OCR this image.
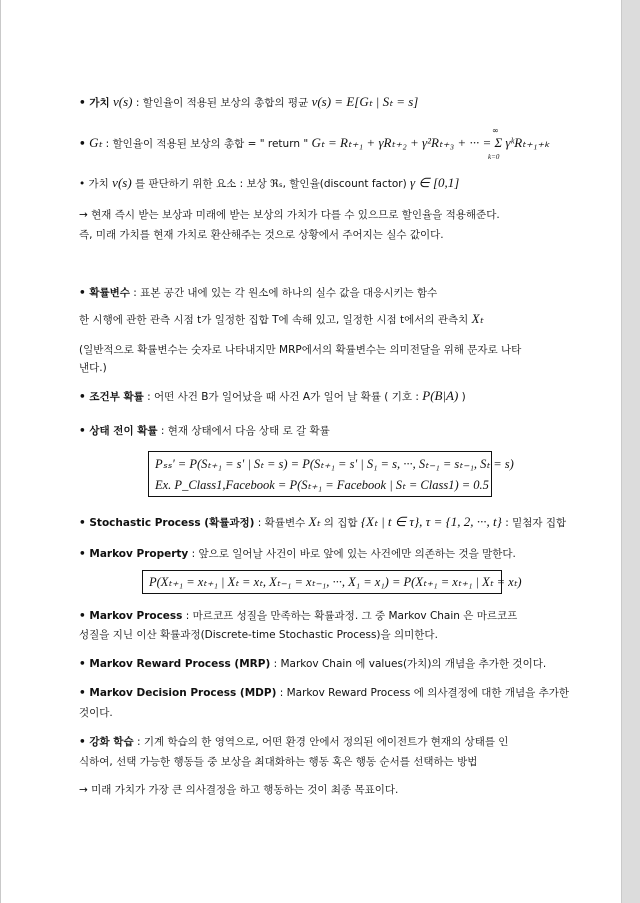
• 가치 v(s) : 할인율이 적용된 보상의 총합의 평균 v(s) = E[Gₜ | Sₜ = s]
• Gₜ : 할인율이 적용된 보상의 총합 = " return " Gₜ = Rₜ₊₁ + γRₜ₊₂ + γ²Rₜ₊₃ + ··· = Σ γᵏRₜ₊₁₊ₖ
∞
k=0
• 가치 v(s) 를 판단하기 위한 요소 : 보상 ℜₛ, 할인율(discount factor) γ ∈ [0,1]
→ 현재 즉시 받는 보상과 미래에 받는 보상의 가치가 다를 수 있으므로 할인율을 적용해준다.
즉, 미래 가치를 현재 가치로 환산해주는 것으로 상황에서 주어지는 실수 값이다.
• 확률변수 : 표본 공간 내에 있는 각 원소에 하나의 실수 값을 대응시키는 함수
한 시행에 관한 관측 시점 t가 일정한 집합 T에 속해 있고, 일정한 시점 t에서의 관측치 Xₜ
(일반적으로 확률변수는 숫자로 나타내지만 MRP에서의 확률변수는 의미전달을 위해 문자로 나타
낸다.)
• 조건부 확률 : 어떤 사건 B가 일어났을 때 사건 A가 일어 날 확률 ( 기호 : P(B|A) )
• 상태 전이 확률 : 현재 상태에서 다음 상태 로 갈 확률
Pₛₛ' = P(Sₜ₊₁ = s' | Sₜ = s) = P(Sₜ₊₁ = s' | S₁ = s, ···, Sₜ₋₁ = sₜ₋₁, Sₜ = s)
Ex. P_Class1,Facebook = P(Sₜ₊₁ = Facebook | Sₜ = Class1) = 0.5
• Stochastic Process (확률과정) : 확률변수 Xₜ 의 집합 {Xₜ | t ∈ τ}, τ = {1, 2, ···, t} : 밑첨자 집합
• Markov Property : 앞으로 일어날 사건이 바로 앞에 있는 사건에만 의존하는 것을 말한다.
P(Xₜ₊₁ = xₜ₊₁ | Xₜ = xₜ, Xₜ₋₁ = xₜ₋₁, ···, X₁ = x₁) = P(Xₜ₊₁ = xₜ₊₁ | Xₜ = xₜ)
• Markov Process : 마르코프 성질을 만족하는 확률과정. 그 중 Markov Chain 은 마르코프
성질을 지닌 이산 확률과정(Discrete-time Stochastic Process)을 의미한다.
• Markov Reward Process (MRP) : Markov Chain 에 values(가치)의 개념을 추가한 것이다.
• Markov Decision Process (MDP) : Markov Reward Process 에 의사결정에 대한 개념을 추가한
것이다.
• 강화 학습 : 기계 학습의 한 영역으로, 어떤 환경 안에서 정의된 에이전트가 현재의 상태를 인
식하여, 선택 가능한 행동들 중 보상을 최대화하는 행동 혹은 행동 순서를 선택하는 방법
→ 미래 가치가 가장 큰 의사결정을 하고 행동하는 것이 최종 목표이다.
